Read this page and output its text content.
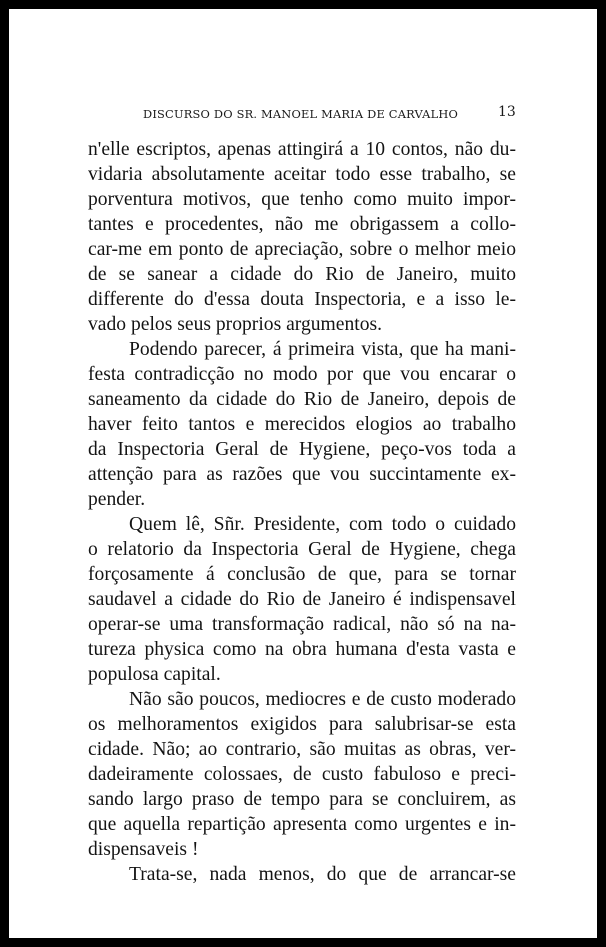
DISCURSO DO SR. MANOEL MARIA DE CARVALHO	13
n'elle escriptos, apenas attingirá a 10 contos, não du-
vidaria absolutamente aceitar todo esse trabalho, se
porventura motivos, que tenho como muito impor-
tantes e procedentes, não me obrigassem a collo-
car-me em ponto de apreciação, sobre o melhor meio
de se sanear a cidade do Rio de Janeiro, muito
differente do d'essa douta Inspectoria, e a isso le-
vado pelos seus proprios argumentos.
Podendo parecer, á primeira vista, que ha mani-
festa contradicção no modo por que vou encarar o
saneamento da cidade do Rio de Janeiro, depois de
haver feito tantos e merecidos elogios ao trabalho
da Inspectoria Geral de Hygiene, peço-vos toda a
attenção para as razões que vou succintamente ex-
pender.
Quem lê, Sñr. Presidente, com todo o cuidado
o relatorio da Inspectoria Geral de Hygiene, chega
forçosamente á conclusão de que, para se tornar
saudavel a cidade do Rio de Janeiro é indispensavel
operar-se uma transformação radical, não só na na-
tureza physica como na obra humana d'esta vasta e
populosa capital.
Não são poucos, mediocres e de custo moderado
os melhoramentos exigidos para salubrisar-se esta
cidade. Não; ao contrario, são muitas as obras, ver-
dadeiramente colossaes, de custo fabuloso e preci-
sando largo praso de tempo para se concluirem, as
que aquella repartição apresenta como urgentes e in-
dispensaveis !
Trata-se, nada menos, do que de arrancar-se
